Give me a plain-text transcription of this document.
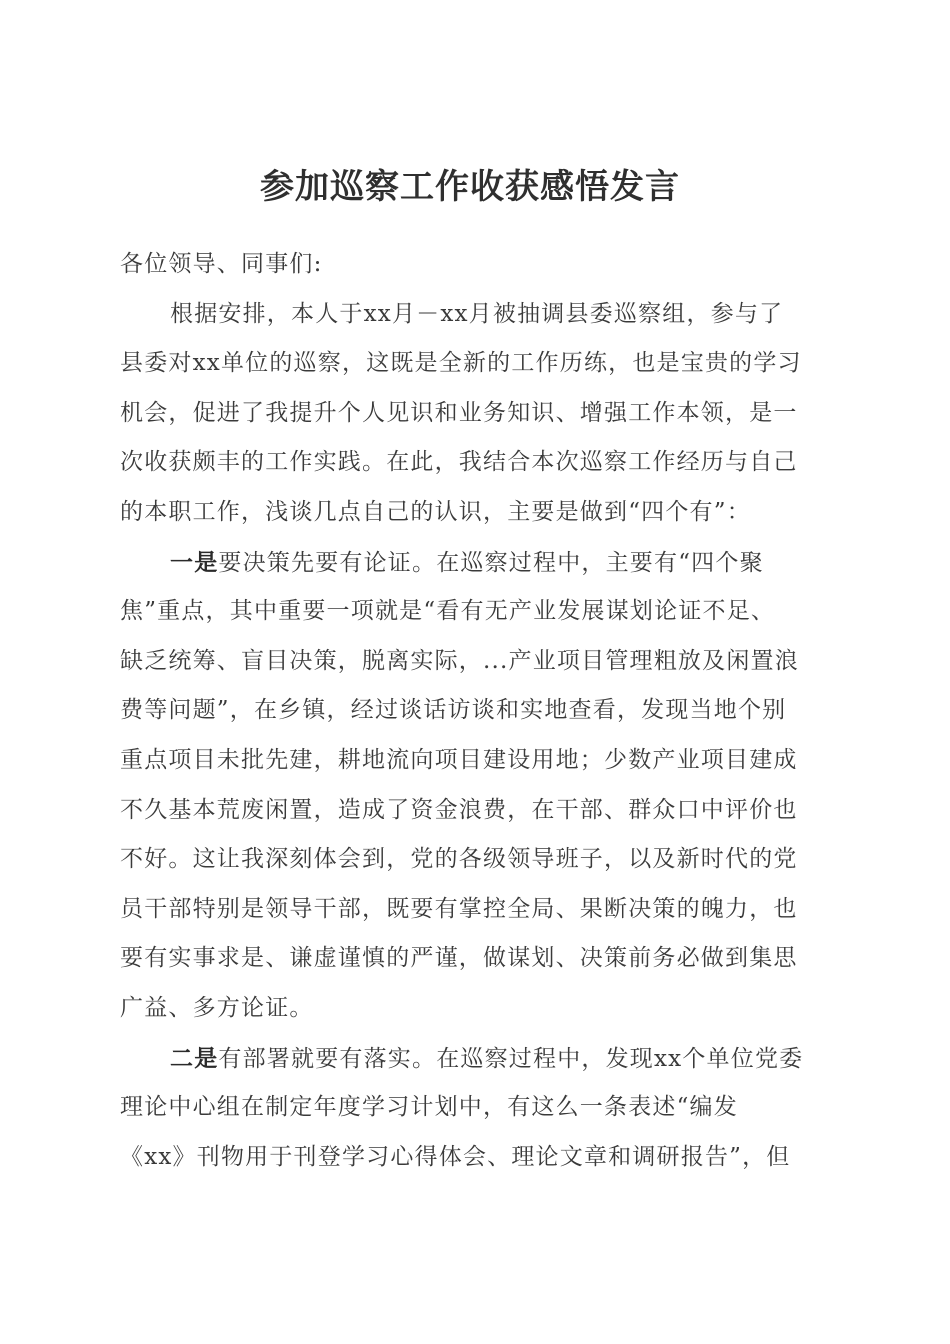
参加巡察工作收获感悟发言
各位领导、同事们:
根据安排，本人于xx月－xx月被抽调县委巡察组，参与了
县委对xx单位的巡察，这既是全新的工作历练，也是宝贵的学习
机会，促进了我提升个人见识和业务知识、增强工作本领，是一
次收获颇丰的工作实践。在此，我结合本次巡察工作经历与自己
的本职工作，浅谈几点自己的认识，主要是做到“四个有”：
一是要决策先要有论证。在巡察过程中，主要有“四个聚
焦”重点，其中重要一项就是“看有无产业发展谋划论证不足、
缺乏统筹、盲目决策，脱离实际，...产业项目管理粗放及闲置浪
费等问题”，在乡镇，经过谈话访谈和实地查看，发现当地个别
重点项目未批先建，耕地流向项目建设用地；少数产业项目建成
不久基本荒废闲置，造成了资金浪费，在干部、群众口中评价也
不好。这让我深刻体会到，党的各级领导班子，以及新时代的党
员干部特别是领导干部，既要有掌控全局、果断决策的魄力，也
要有实事求是、谦虚谨慎的严谨，做谋划、决策前务必做到集思
广益、多方论证。
二是有部署就要有落实。在巡察过程中，发现xx个单位党委
理论中心组在制定年度学习计划中，有这么一条表述“编发
《xx》刊物用于刊登学习心得体会、理论文章和调研报告”，但
